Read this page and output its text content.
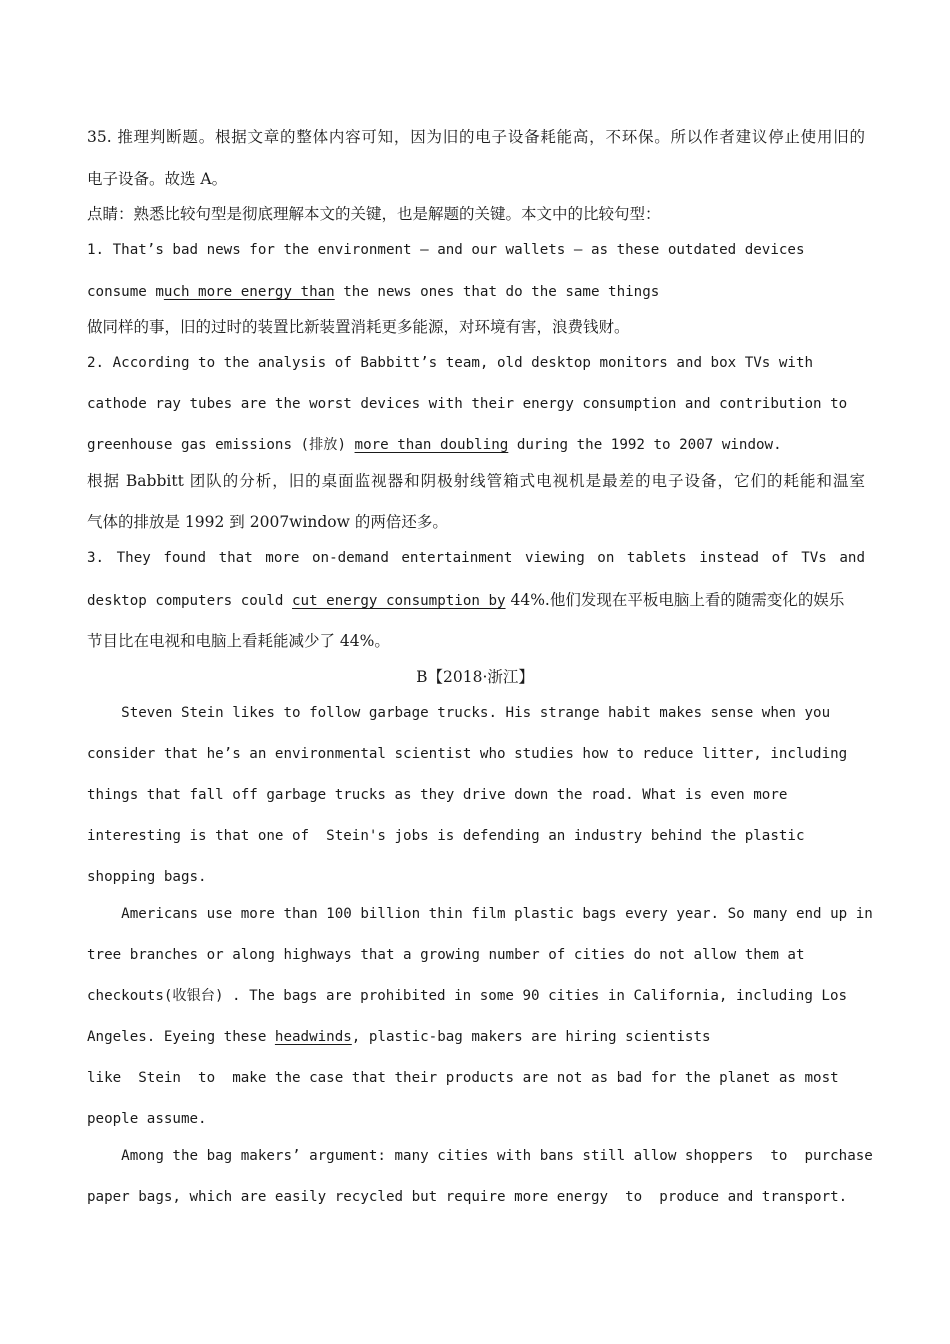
35. 推理判断题。根据文章的整体内容可知，因为旧的电子设备耗能高，不环保。所以作者建议停止使用旧的

电子设备。故选 A。

点睛：熟悉比较句型是彻底理解本文的关键，也是解题的关键。本文中的比较句型：

1. That’s bad news for the environment – and our wallets – as these outdated devices

consume much more energy than the news ones that do the same things

做同样的事，旧的过时的装置比新装置消耗更多能源，对环境有害，浪费钱财。

2. According to the analysis of Babbitt’s team, old desktop monitors and box TVs with

cathode ray tubes are the worst devices with their energy consumption and contribution to

greenhouse gas emissions (排放) more than doubling during the 1992 to 2007 window.

根据 Babbitt 团队的分析，旧的桌面监视器和阴极射线管箱式电视机是最差的电子设备，它们的耗能和温室

气体的排放是 1992 到 2007window 的两倍还多。

3. They found that more on-demand entertainment viewing on tablets instead of TVs and

desktop computers could cut energy consumption by 44%.他们发现在平板电脑上看的随需变化的娱乐

节目比在电视和电脑上看耗能减少了 44%。

B【2018·浙江】

Steven Stein likes to follow garbage trucks. His strange habit makes sense when you

consider that he’s an environmental scientist who studies how to reduce litter, including

things that fall off garbage trucks as they drive down the road. What is even more

interesting is that one of  Stein's jobs is defending an industry behind the plastic

shopping bags.

Americans use more than 100 billion thin film plastic bags every year. So many end up in

tree branches or along highways that a growing number of cities do not allow them at

checkouts(收银台) . The bags are prohibited in some 90 cities in California, including Los

Angeles. Eyeing these headwinds, plastic-bag makers are hiring scientists

like  Stein  to  make the case that their products are not as bad for the planet as most

people assume.

Among the bag makers’ argument: many cities with bans still allow shoppers  to  purchase

paper bags, which are easily recycled but require more energy  to  produce and transport.
